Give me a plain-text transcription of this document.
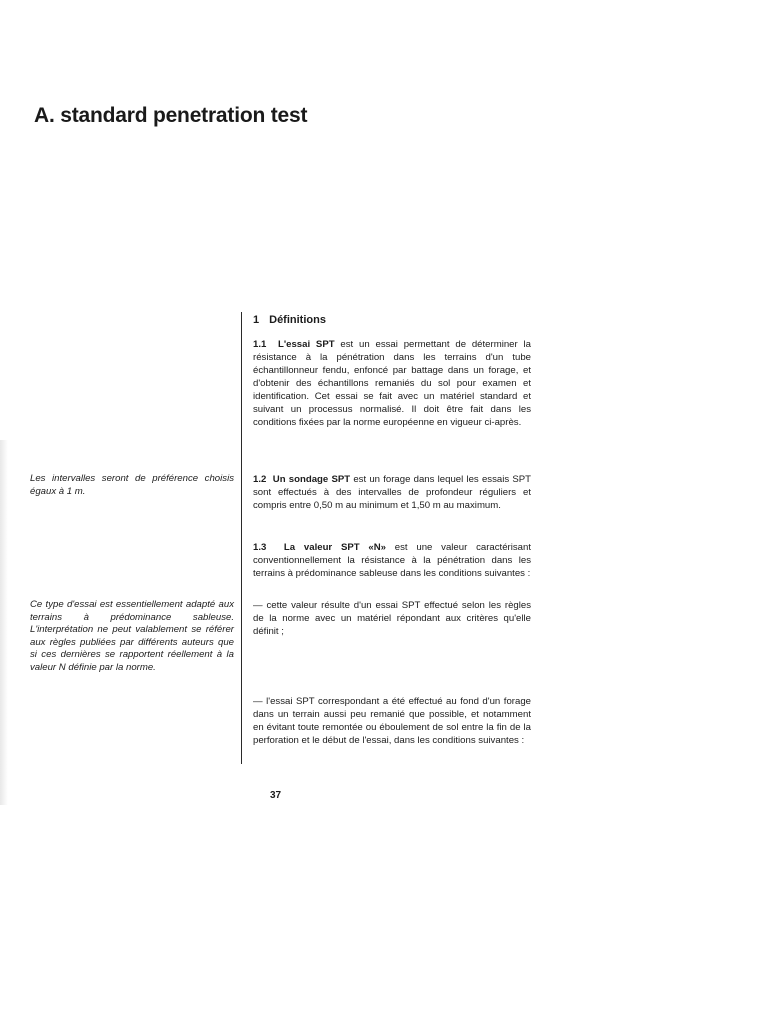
A. standard penetration test
1 Définitions

1.1 L'essai SPT est un essai permettant de déterminer la résistance à la pénétration dans les terrains d'un tube échantillonneur fendu, enfoncé par battage dans un forage, et d'obtenir des échantillons remaniés du sol pour examen et identification. Cet essai se fait avec un matériel standard et suivant un processus normalisé. Il doit être fait dans les conditions fixées par la norme européenne en vigueur ci-après.

Les intervalles seront de préférence choisis égaux à 1 m.

1.2 Un sondage SPT est un forage dans lequel les essais SPT sont effectués à des intervalles de profondeur réguliers et compris entre 0,50 m au minimum et 1,50 m au maximum.

1.3 La valeur SPT «N» est une valeur caractérisant conventionnellement la résistance à la pénétration dans les terrains à prédominance sableuse dans les conditions suivantes :

Ce type d'essai est essentiellement adapté aux terrains à prédominance sableuse. L'interprétation ne peut valablement se référer aux règles publiées par différents auteurs que si ces dernières se rapportent réellement à la valeur N définie par la norme.

— cette valeur résulte d'un essai SPT effectué selon les règles de la norme avec un matériel répondant aux critères qu'elle définit ;

— l'essai SPT correspondant a été effectué au fond d'un forage dans un terrain aussi peu remanié que possible, et notamment en évitant toute remontée ou éboulement de sol entre la fin de la perforation et le début de l'essai, dans les conditions suivantes :

37
